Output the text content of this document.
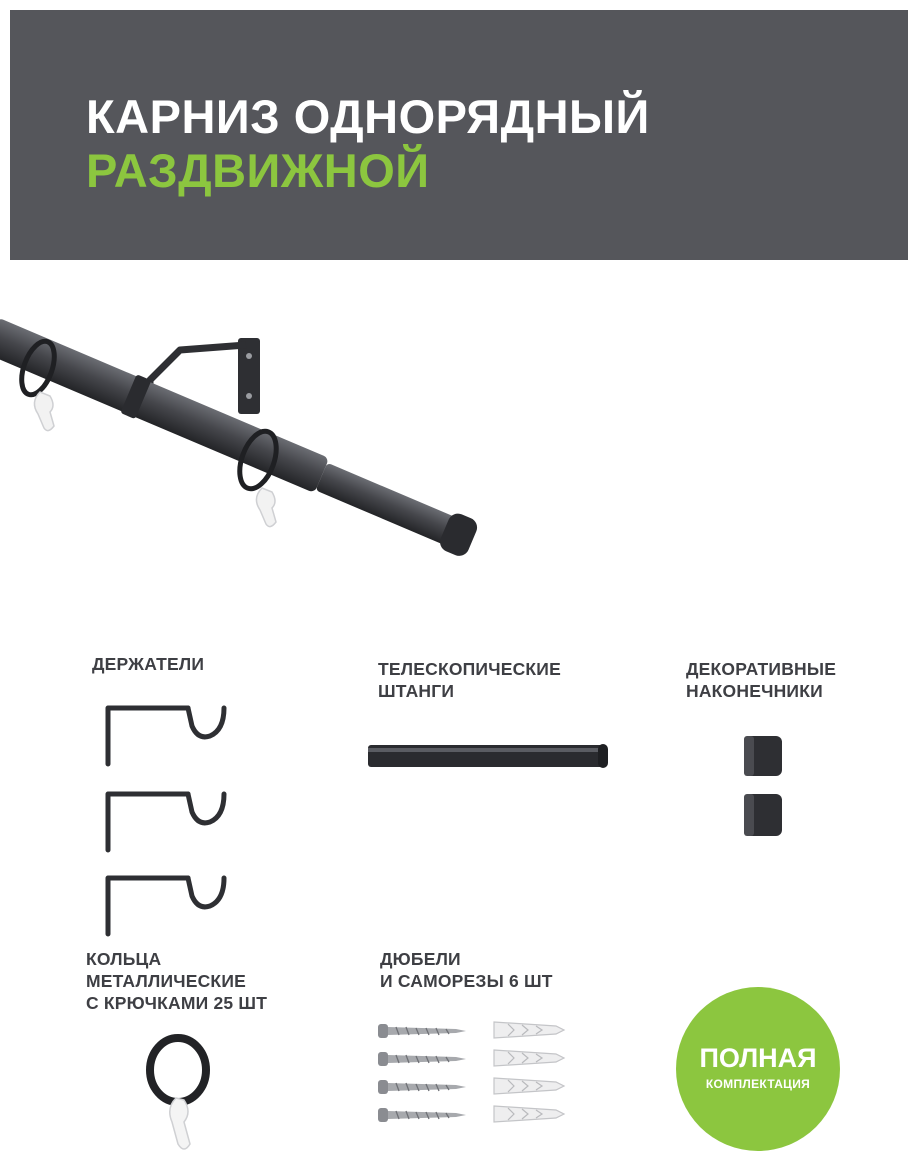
КАРНИЗ ОДНОРЯДНЫЙ
РАЗДВИЖНОЙ

ДЕРЖАТЕЛИ	ТЕЛЕСКОПИЧЕСКИЕ
ШТАНГИ

ДЕКОРАТИВНЫЕ
НАКОНЕЧНИКИ

КОЛЬЦА
МЕТАЛЛИЧЕСКИЕ
С КРЮЧКАМИ 25 ШТ

ДЮБЕЛИ
И САМОРЕЗЫ 6 ШТ

ПОЛНАЯ
КОМПЛЕКТАЦИЯ
